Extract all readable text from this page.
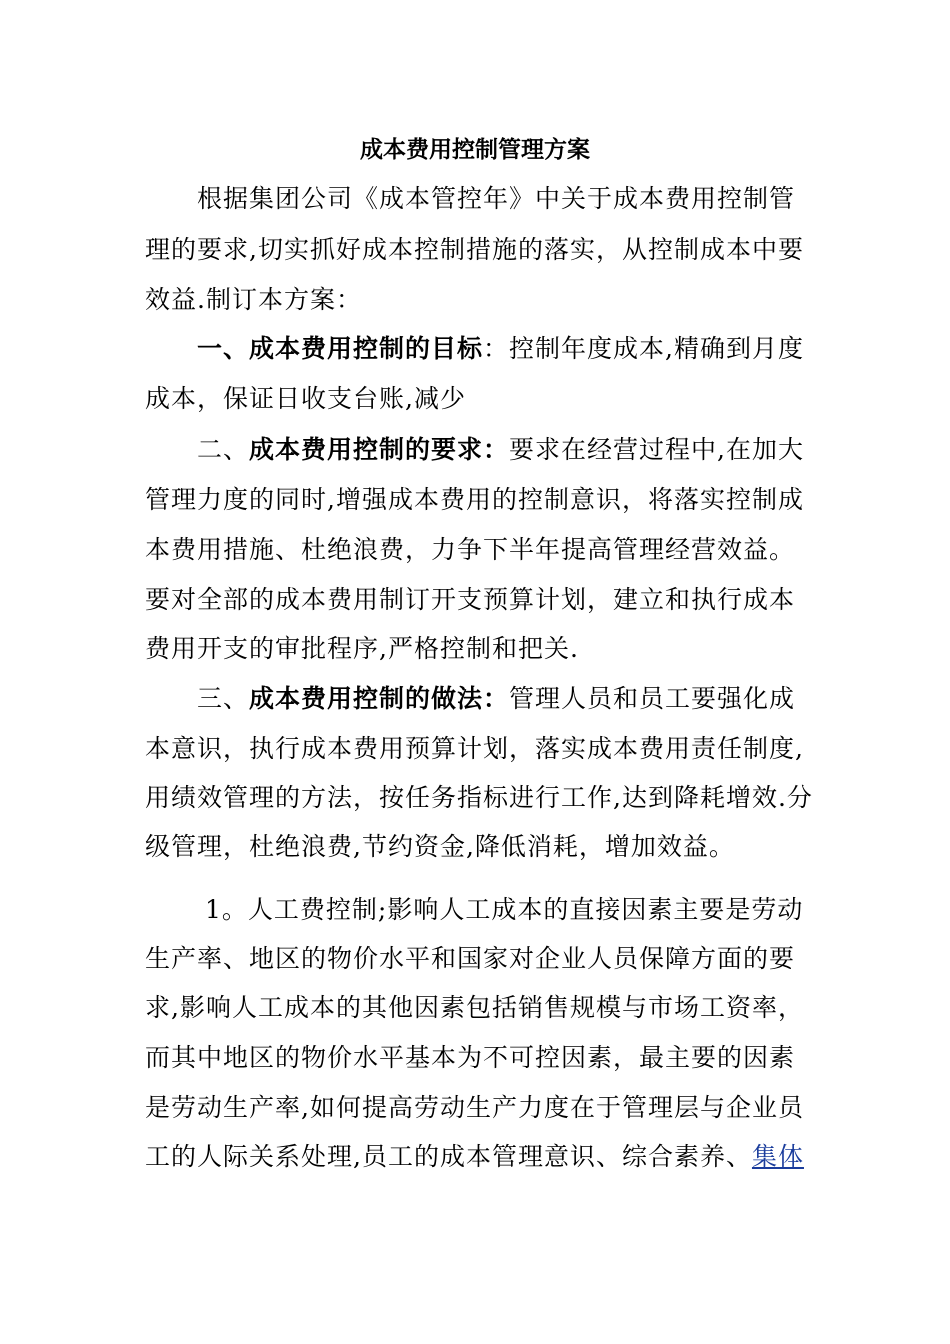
成本费用控制管理方案
根据集团公司《成本管控年》中关于成本费用控制管
理的要求,切实抓好成本控制措施的落实，从控制成本中要
效益.制订本方案：
一、成本费用控制的目标：控制年度成本,精确到月度
成本，保证日收支台账,减少
二、成本费用控制的要求：要求在经营过程中,在加大
管理力度的同时,增强成本费用的控制意识，将落实控制成
本费用措施、杜绝浪费，力争下半年提高管理经营效益。
要对全部的成本费用制订开支预算计划，建立和执行成本
费用开支的审批程序,严格控制和把关.
三、成本费用控制的做法：管理人员和员工要强化成
本意识，执行成本费用预算计划，落实成本费用责任制度,
用绩效管理的方法，按任务指标进行工作,达到降耗增效.分
级管理，杜绝浪费,节约资金,降低消耗，增加效益。
1。人工费控制;影响人工成本的直接因素主要是劳动
生产率、地区的物价水平和国家对企业人员保障方面的要
求,影响人工成本的其他因素包括销售规模与市场工资率，
而其中地区的物价水平基本为不可控因素，最主要的因素
是劳动生产率,如何提高劳动生产力度在于管理层与企业员
工的人际关系处理,员工的成本管理意识、综合素养、集体
